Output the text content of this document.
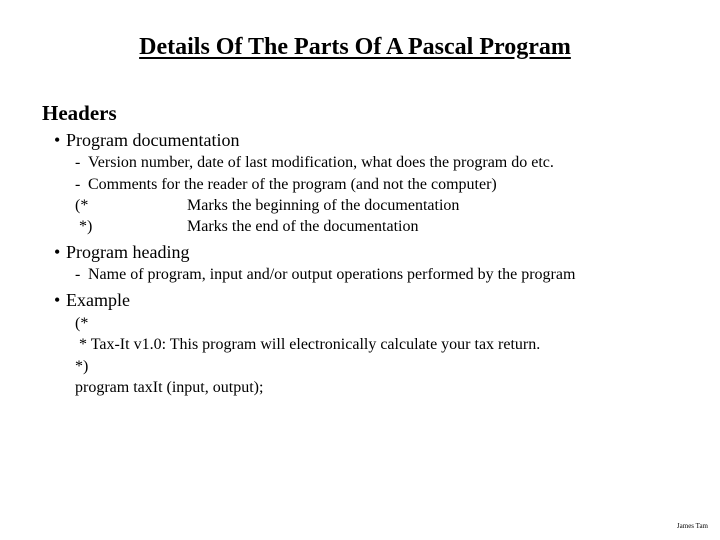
Details Of The Parts Of A Pascal Program
Headers

• Program documentation

- Version number, date of last modification, what does the program do etc.

- Comments for the reader of the program (and not the computer)

(*	Marks the beginning of the documentation

*)	Marks the end of the documentation

• Program heading

- Name of program, input and/or output operations performed by the program

• Example

(*

* Tax-It v1.0: This program will electronically calculate your tax return.

*)

program taxIt (input, output);

James Tam
